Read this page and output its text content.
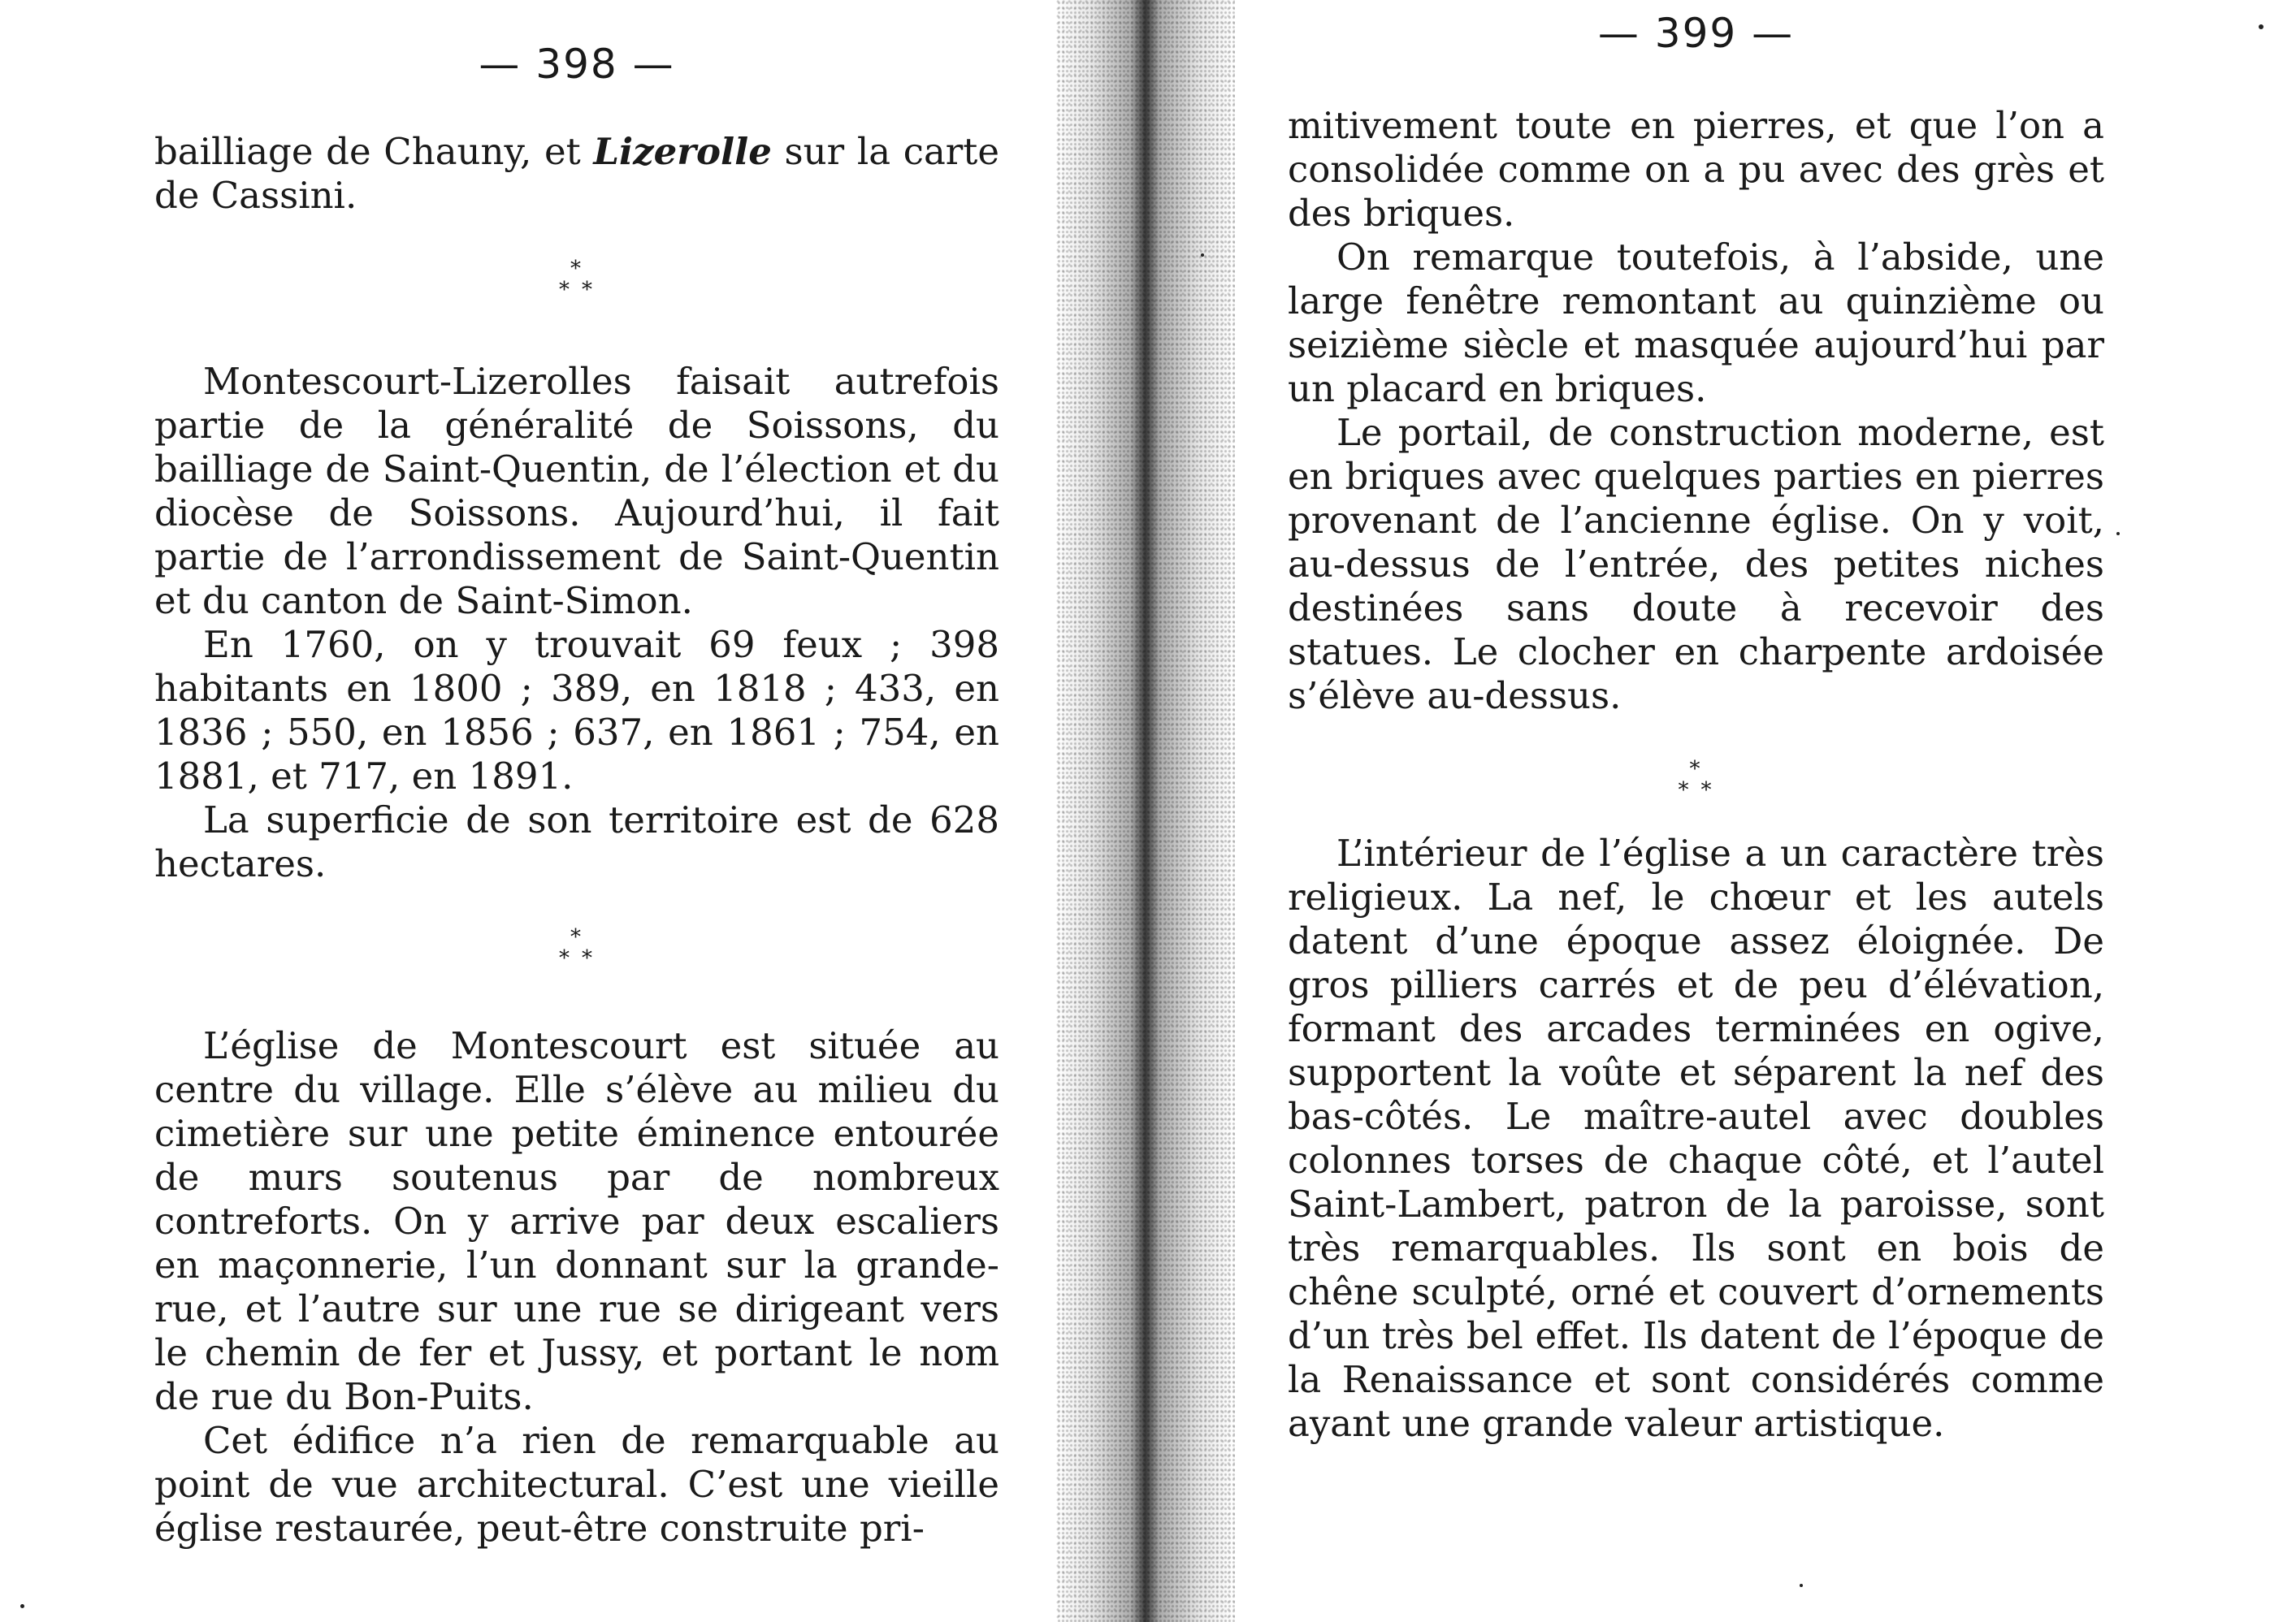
— 398 —

bailliage de Chauny, et Lizerolle sur la carte de Cassini.

*
* *

Montescourt-Lizerolles faisait autrefois partie de la généralité de Soissons, du bailliage de Saint-Quentin, de l’élection et du diocèse de Soissons. Aujourd’hui, il fait partie de l’arrondissement de Saint-Quentin et du canton de Saint-Simon.

En 1760, on y trouvait 69 feux ; 398 habitants en 1800 ; 389, en 1818 ; 433, en 1836 ; 550, en 1856 ; 637, en 1861 ; 754, en 1881, et 717, en 1891.

La superficie de son territoire est de 628 hectares.

*
* *

L’église de Montescourt est située au centre du village. Elle s’élève au milieu du cimetière sur une petite éminence entourée de murs soutenus par de nombreux contreforts. On y arrive par deux escaliers en maçonnerie, l’un donnant sur la grande-rue, et l’autre sur une rue se dirigeant vers le chemin de fer et Jussy, et portant le nom de rue du Bon-Puits.

Cet édifice n’a rien de remarquable au point de vue architectural. C’est une vieille église restaurée, peut-être construite pri-

— 399 —

mitivement toute en pierres, et que l’on a consolidée comme on a pu avec des grès et des briques.

On remarque toutefois, à l’abside, une large fenêtre remontant au quinzième ou seizième siècle et masquée aujourd’hui par un placard en briques.

Le portail, de construction moderne, est en briques avec quelques parties en pierres provenant de l’ancienne église. On y voit, au-dessus de l’entrée, des petites niches destinées sans doute à recevoir des statues. Le clocher en charpente ardoisée s’élève au-dessus.

*
* *

L’intérieur de l’église a un caractère très religieux. La nef, le chœur et les autels datent d’une époque assez éloignée. De gros pilliers carrés et de peu d’élévation, formant des arcades terminées en ogive, supportent la voûte et séparent la nef des bas-côtés. Le maître-autel avec doubles colonnes torses de chaque côté, et l’autel Saint-Lambert, patron de la paroisse, sont très remarquables. Ils sont en bois de chêne sculpté, orné et couvert d’ornements d’un très bel effet. Ils datent de l’époque de la Renaissance et sont considérés comme ayant une grande valeur artistique.
